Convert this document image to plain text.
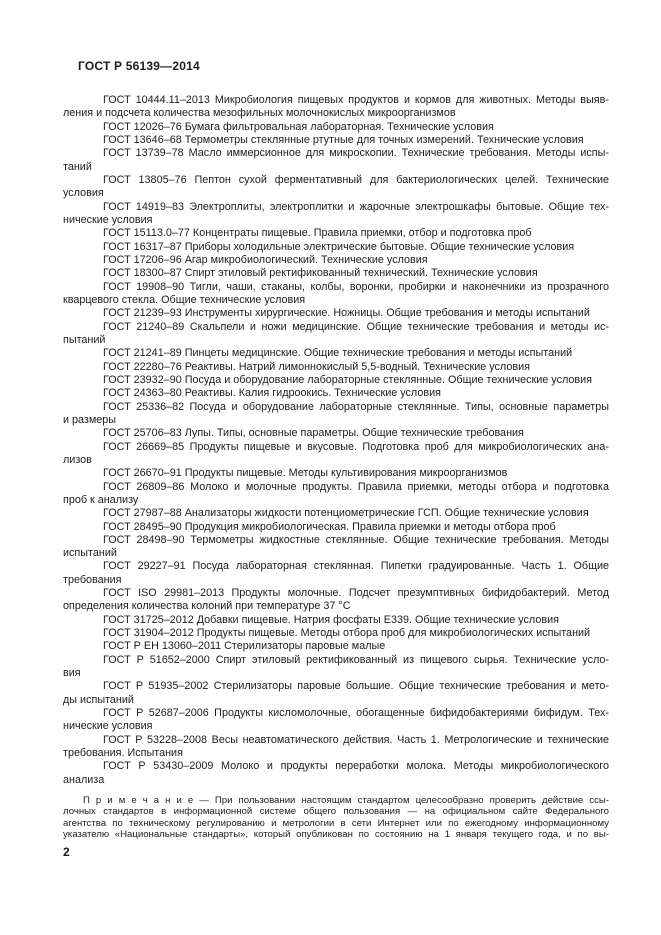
ГОСТ Р 56139—2014
ГОСТ 10444.11–2013 Микробиология пищевых продуктов и кормов для животных. Методы выяв-
ления и подсчета количества мезофильных молочнокислых микроорганизмов
ГОСТ 12026–76 Бумага фильтровальная лабораторная. Технические условия
ГОСТ 13646–68 Термометры стеклянные ртутные для точных измерений. Технические условия
ГОСТ 13739–78 Масло иммерсионное для микроскопии. Технические требования. Методы испы-
таний
ГОСТ 13805–76 Пептон сухой ферментативный для бактериологических целей. Технические
условия
ГОСТ 14919–83 Электроплиты, электроплитки и жарочные электрошкафы бытовые. Общие тех-
нические условия
ГОСТ 15113.0–77 Концентраты пищевые. Правила приемки, отбор и подготовка проб
ГОСТ 16317–87 Приборы холодильные электрические бытовые. Общие технические условия
ГОСТ 17206–96 Агар микробиологический. Технические условия
ГОСТ 18300–87 Спирт этиловый ректификованный технический. Технические условия
ГОСТ 19908–90 Тигли, чаши, стаканы, колбы, воронки, пробирки и наконечники из прозрачного
кварцевого стекла. Общие технические условия
ГОСТ 21239–93 Инструменты хирургические. Ножницы. Общие требования и методы испытаний
ГОСТ 21240–89 Скальпели и ножи медицинские. Общие технические требования и методы ис-
пытаний
ГОСТ 21241–89 Пинцеты медицинские. Общие технические требования и методы испытаний
ГОСТ 22280–76 Реактивы. Натрий лимоннокислый 5,5-водный. Технические условия
ГОСТ 23932–90 Посуда и оборудование лабораторные стеклянные. Общие технические условия
ГОСТ 24363–80 Реактивы. Калия гидроокись. Технические условия
ГОСТ 25336–82 Посуда и оборудование лабораторные стеклянные. Типы, основные параметры
и размеры
ГОСТ 25706–83 Лупы. Типы, основные параметры. Общие технические требования
ГОСТ 26669–85 Продукты пищевые и вкусовые. Подготовка проб для микробиологических ана-
лизов
ГОСТ 26670–91 Продукты пищевые. Методы культивирования микроорганизмов
ГОСТ 26809–86 Молоко и молочные продукты. Правила приемки, методы отбора и подготовка
проб к анализу
ГОСТ 27987–88 Анализаторы жидкости потенциометрические ГСП. Общие технические условия
ГОСТ 28495–90 Продукция микробиологическая. Правила приемки и методы отбора проб
ГОСТ 28498–90 Термометры жидкостные стеклянные. Общие технические требования. Методы
испытаний
ГОСТ 29227–91 Посуда лабораторная стеклянная. Пипетки градуированные. Часть 1. Общие
требования
ГОСТ ISO 29981–2013 Продукты молочные. Подсчет презумптивных бифидобактерий. Метод
определения количества колоний при температуре 37 °С
ГОСТ 31725–2012 Добавки пищевые. Натрия фосфаты Е339. Общие технические условия
ГОСТ 31904–2012 Продукты пищевые. Методы отбора проб для микробиологических испытаний
ГОСТ Р ЕН 13060–2011 Стерилизаторы паровые малые
ГОСТ Р 51652–2000 Спирт этиловый ректификованный из пищевого сырья. Технические усло-
вия
ГОСТ Р 51935–2002 Стерилизаторы паровые большие. Общие технические требования и мето-
ды испытаний
ГОСТ Р 52687–2006 Продукты кисломолочные, обогащенные бифидобактериями бифидум. Тех-
нические условия
ГОСТ Р 53228–2008 Весы неавтоматического действия. Часть 1. Метрологические и технические
требования. Испытания
ГОСТ Р 53430–2009 Молоко и продукты переработки молока. Методы микробиологического
анализа
П р и м е ч а н и е — При пользовании настоящим стандартом целесообразно проверить действие ссы-
лочных стандартов в информационной системе общего пользования — на официальном сайте Федерального
агентства по техническому регулированию и метрологии в сети Интернет или по ежегодному информационному
указателю «Национальные стандарты», который опубликован по состоянию на 1 января текущего года, и по вы-
2
